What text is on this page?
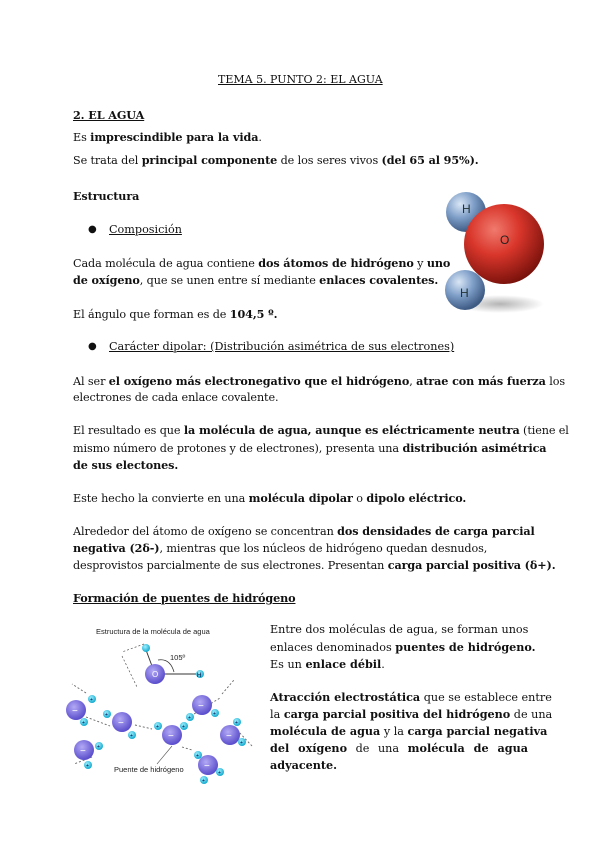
TEMA 5. PUNTO 2: EL AGUA
2. EL AGUA
Es imprescindible para la vida.
Se trata del principal componente de los seres vivos (del 65 al 95%).
Estructura
● Composición
Cada molécula de agua contiene dos átomos de hidrógeno y uno
de oxígeno, que se unen entre sí mediante enlaces covalentes.
El ángulo que forman es de 104,5 º.
H
O
H
● Carácter dipolar: (Distribución asimétrica de sus electrones)
Al ser el oxígeno más electronegativo que el hidrógeno, atrae con más fuerza los
electrones de cada enlace covalente.
El resultado es que la molécula de agua, aunque es eléctricamente neutra (tiene el
mismo número de protones y de electrones), presenta una distribución asimétrica
de sus electones.
Este hecho la convierte en una molécula dipolar o dipolo eléctrico.
Alrededor del átomo de oxígeno se concentran dos densidades de carga parcial
negativa (2δ-), mientras que los núcleos de hidrógeno quedan desnudos,
desprovistos parcialmente de sus electrones. Presentan carga parcial positiva (δ+).
Formación de puentes de hidrógeno
Entre dos moléculas de agua, se forman unos
enlaces denominados puentes de hidrógeno.
Es un enlace débil.
Atracción electrostática que se establece entre
la carga parcial positiva del hidrógeno de una
molécula de agua y la carga parcial negativa
del oxígeno de una molécula de agua
adyacente.
Estructura de la molécula de agua
105º
O	H
−
+
+	−
+
+
− +
+
−
+	+
−
+
+
−
+
+
−
+
+
+
Puente de hidrógeno
